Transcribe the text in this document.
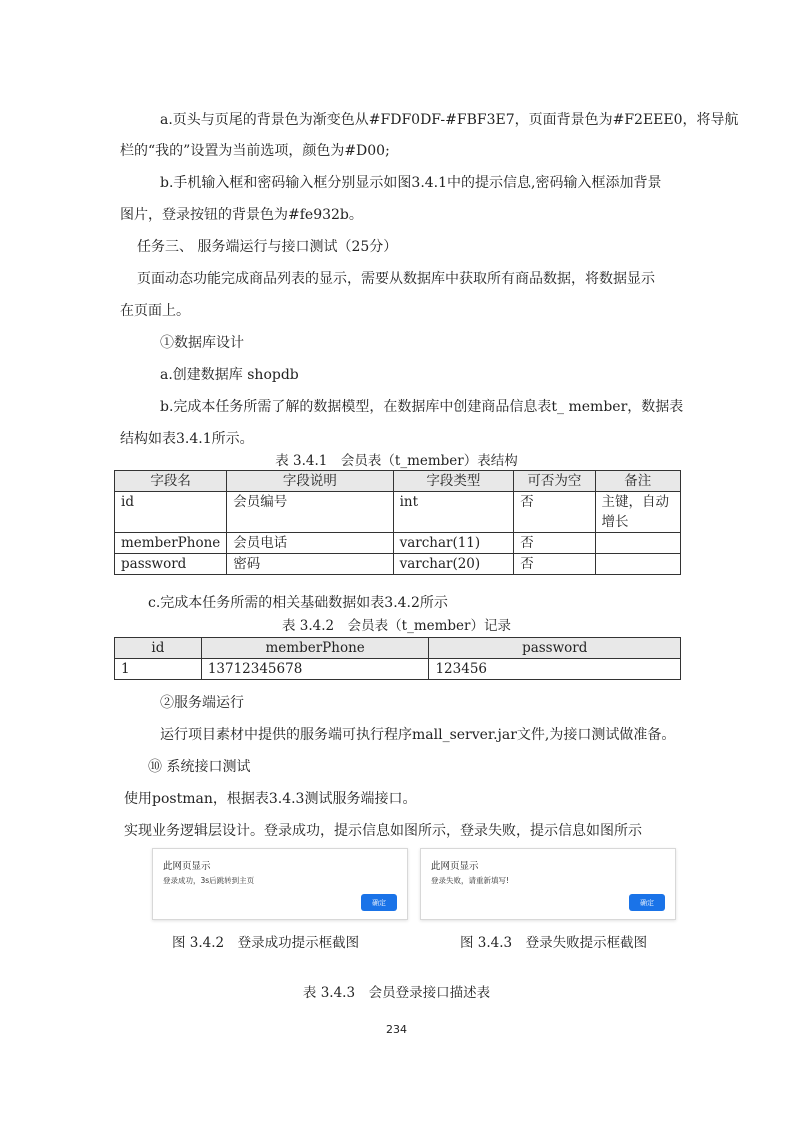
a.页头与页尾的背景色为渐变色从#FDF0DF-#FBF3E7，页面背景色为#F2EEE0，将导航

栏的“我的”设置为当前选项，颜色为#D00;

b.手机输入框和密码输入框分别显示如图3.4.1中的提示信息,密码输入框添加背景

图片，登录按钮的背景色为#fe932b。

任务三、 服务端运行与接口测试（25分）

页面动态功能完成商品列表的显示，需要从数据库中获取所有商品数据，将数据显示

在页面上。

①数据库设计

a.创建数据库 shopdb

b.完成本任务所需了解的数据模型，在数据库中创建商品信息表t_ member，数据表

结构如表3.4.1所示。

表 3.4.1　会员表（t_member）表结构
字段名	字段说明	字段类型	可否为空	备注
id	会员编号	int	否	主键，自动
增长

memberPhone	会员电话	varchar(11)	否	
password	密码	varchar(20)	否	

c.完成本任务所需的相关基础数据如表3.4.2所示

表 3.4.2　会员表（t_member）记录
id	memberPhone	password
1	13712345678	123456

②服务端运行

运行项目素材中提供的服务端可执行程序mall_server.jar文件,为接口测试做准备。

⑩ 系统接口测试

使用postman，根据表3.4.3测试服务端接口。

实现业务逻辑层设计。登录成功，提示信息如图所示，登录失败，提示信息如图所示

此网页显示
登录成功，3s后跳转到主页
确定
此网页显示
登录失败，请重新填写!
确定
图 3.4.2　登录成功提示框截图	图 3.4.3　登录失败提示框截图
表 3.4.3　会员登录接口描述表
234
